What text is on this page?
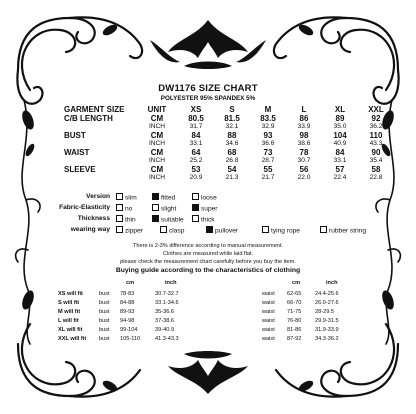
DW1176 SIZE CHART
POLYESTER 95% SPANDEX 5%
GARMENT SIZE	UNIT	XS	S	M	L	XL	XXL
C/B LENGTH	CM	80.5	81.5	83.5	86	89	92
	INCH	31.7	32.1	32.9	33.9	35.0	36.2
BUST	CM	84	88	93	98	104	110
	INCH	33.1	34.6	36.6	38.6	40.9	43.3
WAIST	CM	64	68	73	78	84	90
	INCH	25.2	26.8	28.7	30.7	33.1	35.4
SLEEVE	CM	53	54	55	56	57	58
	INCH	20.9	21.3	21.7	22.0	22.4	22.8
Version	slim	fitted	loose
Fabric-Elasticity	no	slight	super
Thickness	thin	suitable	thick
wearing way	zipper	clasp	pullover	tying rope	rubber string
There is 2-3% difference according to manual measurement.
Clothes are measured while laid flat.
please check the measurement chart carefully before you buy the item.
Buying guide according to the characteristics of clothing
cm	inch	cm	inch
XS will fit	bust 78-83	30.7-32.7	waist 62-65 24.4-25.6
S will fit	bust 84-88	33.1-34.6	waist 66-70 26.0-27.6
M will fit	bust 89-93	35-36.6	waist 71-75 28-29.5
L will fit	bust 94-98	37-38.6	waist 76-80 29.9-31.5
XL will fit	bust 99-104	39-40.9	waist 81-86 31.9-33.9
XXL will fit bust 105-110	41.3-43.3	waist 87-92 34.3-36.2
